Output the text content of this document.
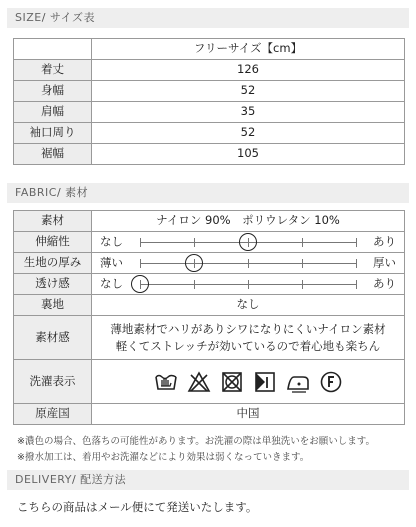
SIZE/ サイズ表
	フリーサイズ【cm】
着丈	126
身幅	52
肩幅	35
袖口周り	52
裾幅	105
FABRIC/ 素材
素材	ナイロン 90%　ポリウレタン 10%
伸縮性	なし あり

生地の厚み	薄い 厚い

透け感	なし あり

裏地	なし
素材感	薄地素材でハリがありシワになりにくいナイロン素材
軽くてストレッチが効いているので着心地も楽ちん

洗濯表示	

原産国	中国
※濃色の場合、色落ちの可能性があります。お洗濯の際は単独洗いをお願いします。
※撥水加工は、着用やお洗濯などにより効果は弱くなっていきます。
DELIVERY/ 配送方法
こちらの商品はメール便にて発送いたします。
